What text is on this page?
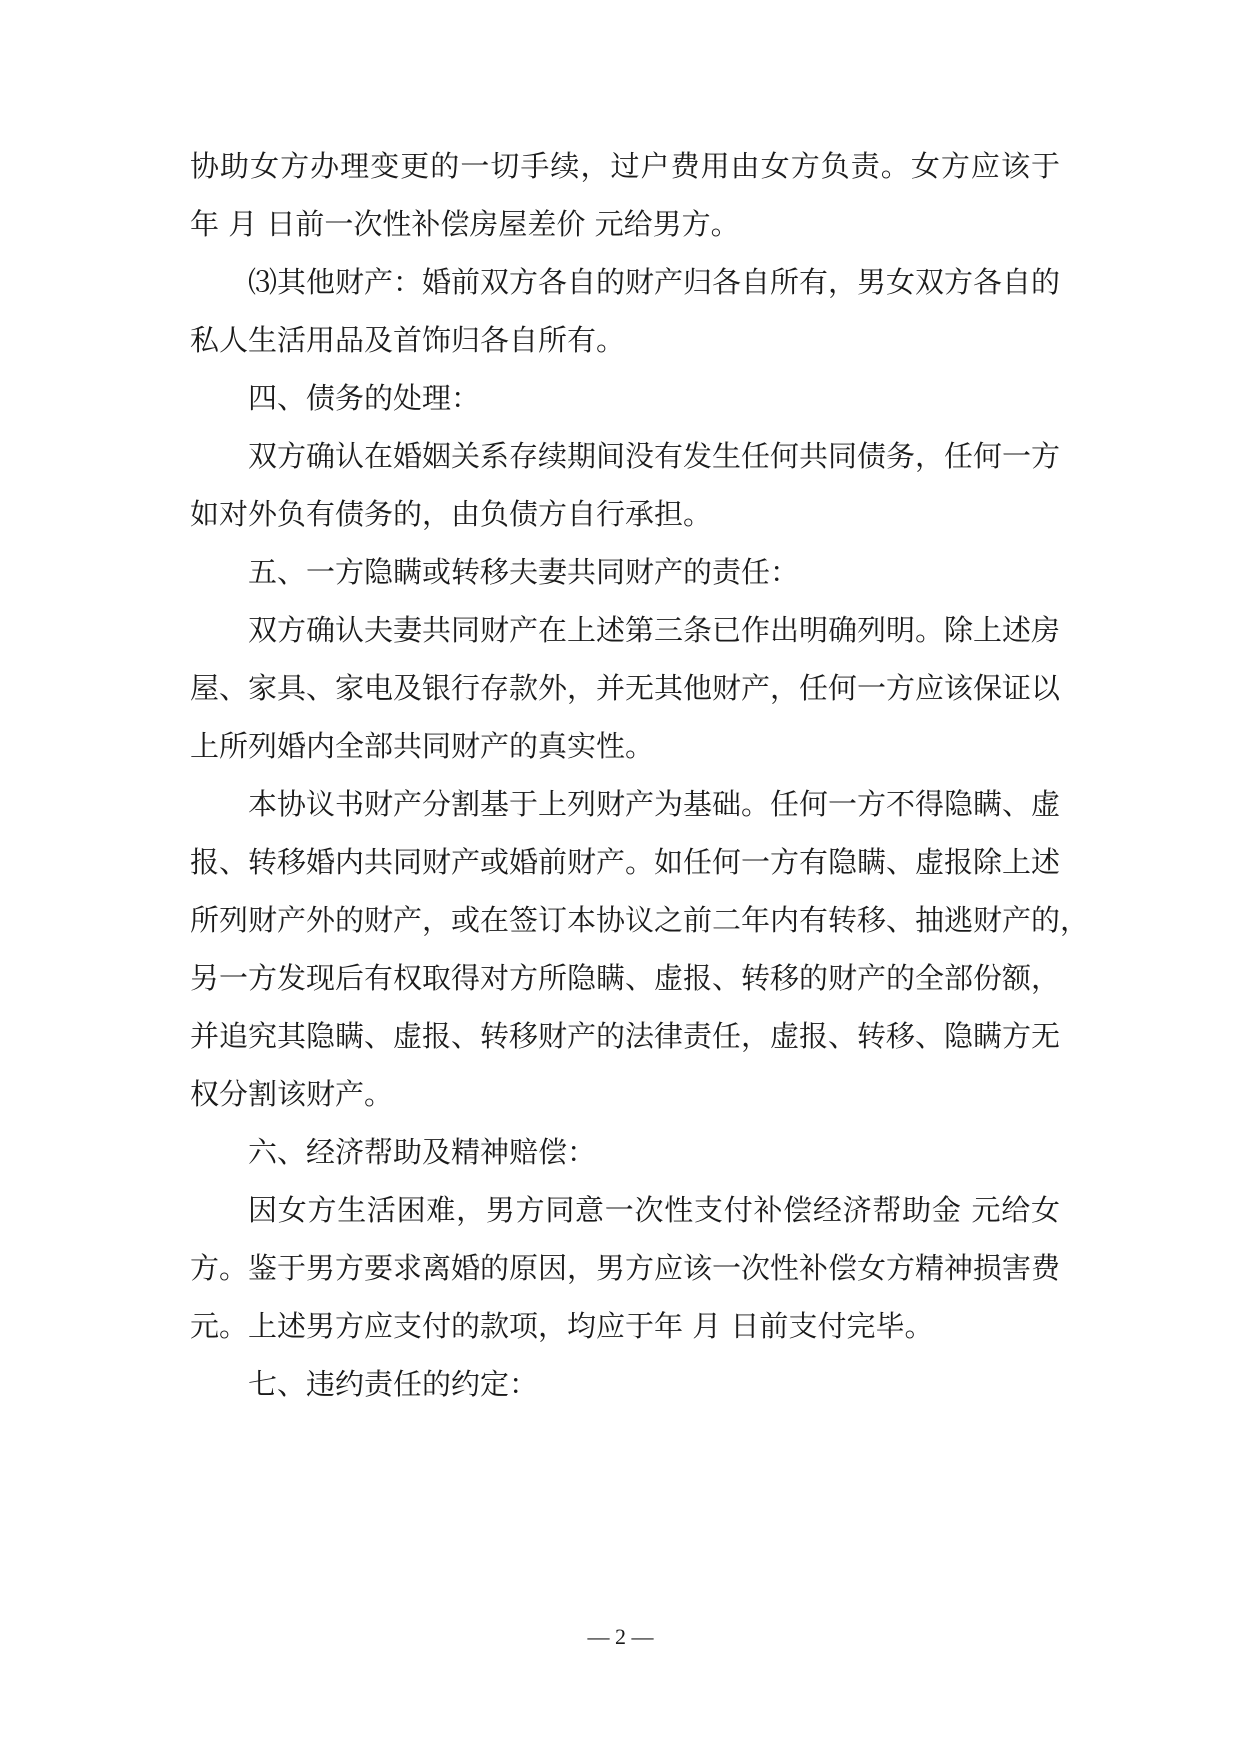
协助女方办理变更的一切手续，过户费用由女方负责。女方应该于
年 月 日前一次性补偿房屋差价 元给男方。
⑶其他财产：婚前双方各自的财产归各自所有，男女双方各自的
私人生活用品及首饰归各自所有。
四、债务的处理：
双方确认在婚姻关系存续期间没有发生任何共同债务，任何一方
如对外负有债务的，由负债方自行承担。
五、一方隐瞒或转移夫妻共同财产的责任：
双方确认夫妻共同财产在上述第三条已作出明确列明。除上述房
屋、家具、家电及银行存款外，并无其他财产，任何一方应该保证以
上所列婚内全部共同财产的真实性。
本协议书财产分割基于上列财产为基础。任何一方不得隐瞒、虚
报、转移婚内共同财产或婚前财产。如任何一方有隐瞒、虚报除上述
所列财产外的财产，或在签订本协议之前二年内有转移、抽逃财产的，
另一方发现后有权取得对方所隐瞒、虚报、转移的财产的全部份额，
并追究其隐瞒、虚报、转移财产的法律责任，虚报、转移、隐瞒方无
权分割该财产。
六、经济帮助及精神赔偿：
因女方生活困难，男方同意一次性支付补偿经济帮助金 元给女
方。鉴于男方要求离婚的原因，男方应该一次性补偿女方精神损害费
元。上述男方应支付的款项，均应于年 月 日前支付完毕。
七、违约责任的约定：
— 2 —
